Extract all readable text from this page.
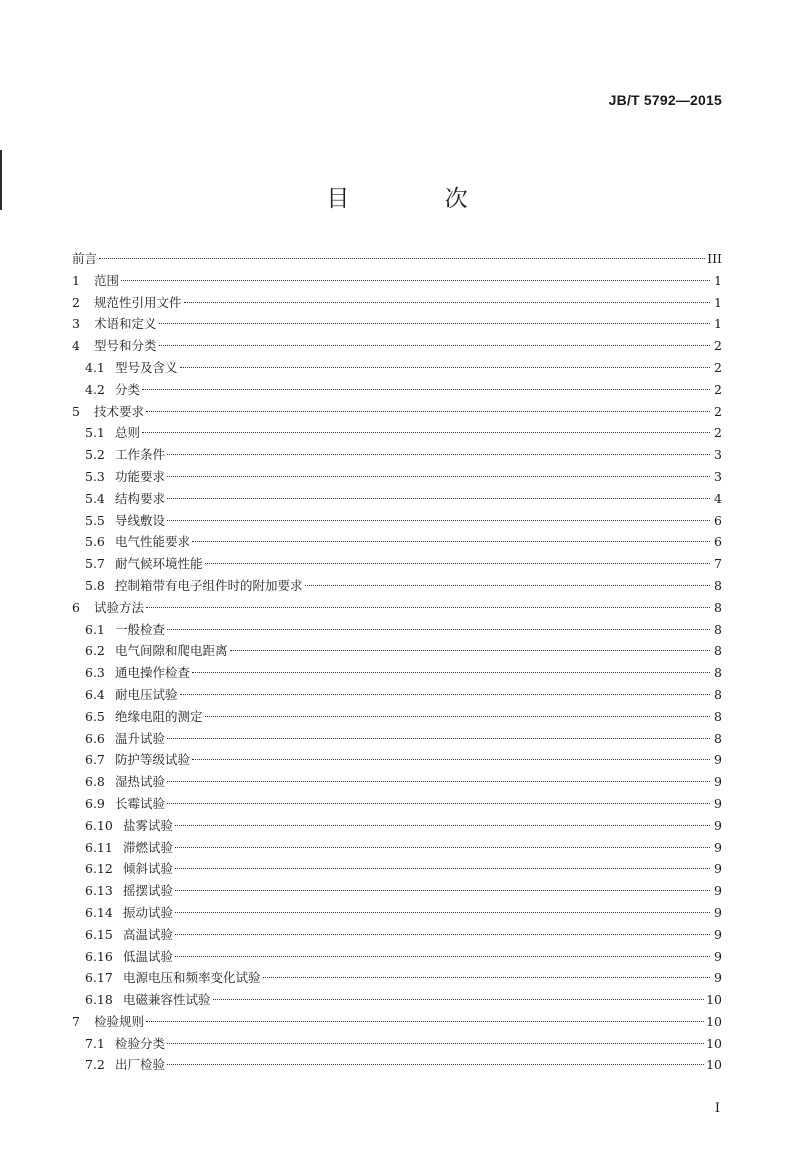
JB/T 5792—2015
目 次
前言	III
1	范围	1
2	规范性引用文件	1
3	术语和定义	1
4	型号和分类	2
4.1 型号及含义	2
4.2 分类	2
5	技术要求	2
5.1 总则	2
5.2 工作条件	3
5.3 功能要求	3
5.4 结构要求	4
5.5 导线敷设	6
5.6 电气性能要求	6
5.7 耐气候环境性能	7
5.8 控制箱带有电子组件时的附加要求	8
6	试验方法	8
6.1 一般检查	8
6.2 电气间隙和爬电距离	8
6.3 通电操作检查	8
6.4 耐电压试验	8
6.5 绝缘电阻的测定	8
6.6 温升试验	8
6.7 防护等级试验	9
6.8 湿热试验	9
6.9 长霉试验	9
6.10 盐雾试验	9
6.11 滞燃试验	9
6.12 倾斜试验	9
6.13 摇摆试验	9
6.14 振动试验	9
6.15 高温试验	9
6.16 低温试验	9
6.17 电源电压和频率变化试验	9
6.18 电磁兼容性试验	10
7	检验规则	10
7.1 检验分类	10
7.2 出厂检验	10
I
